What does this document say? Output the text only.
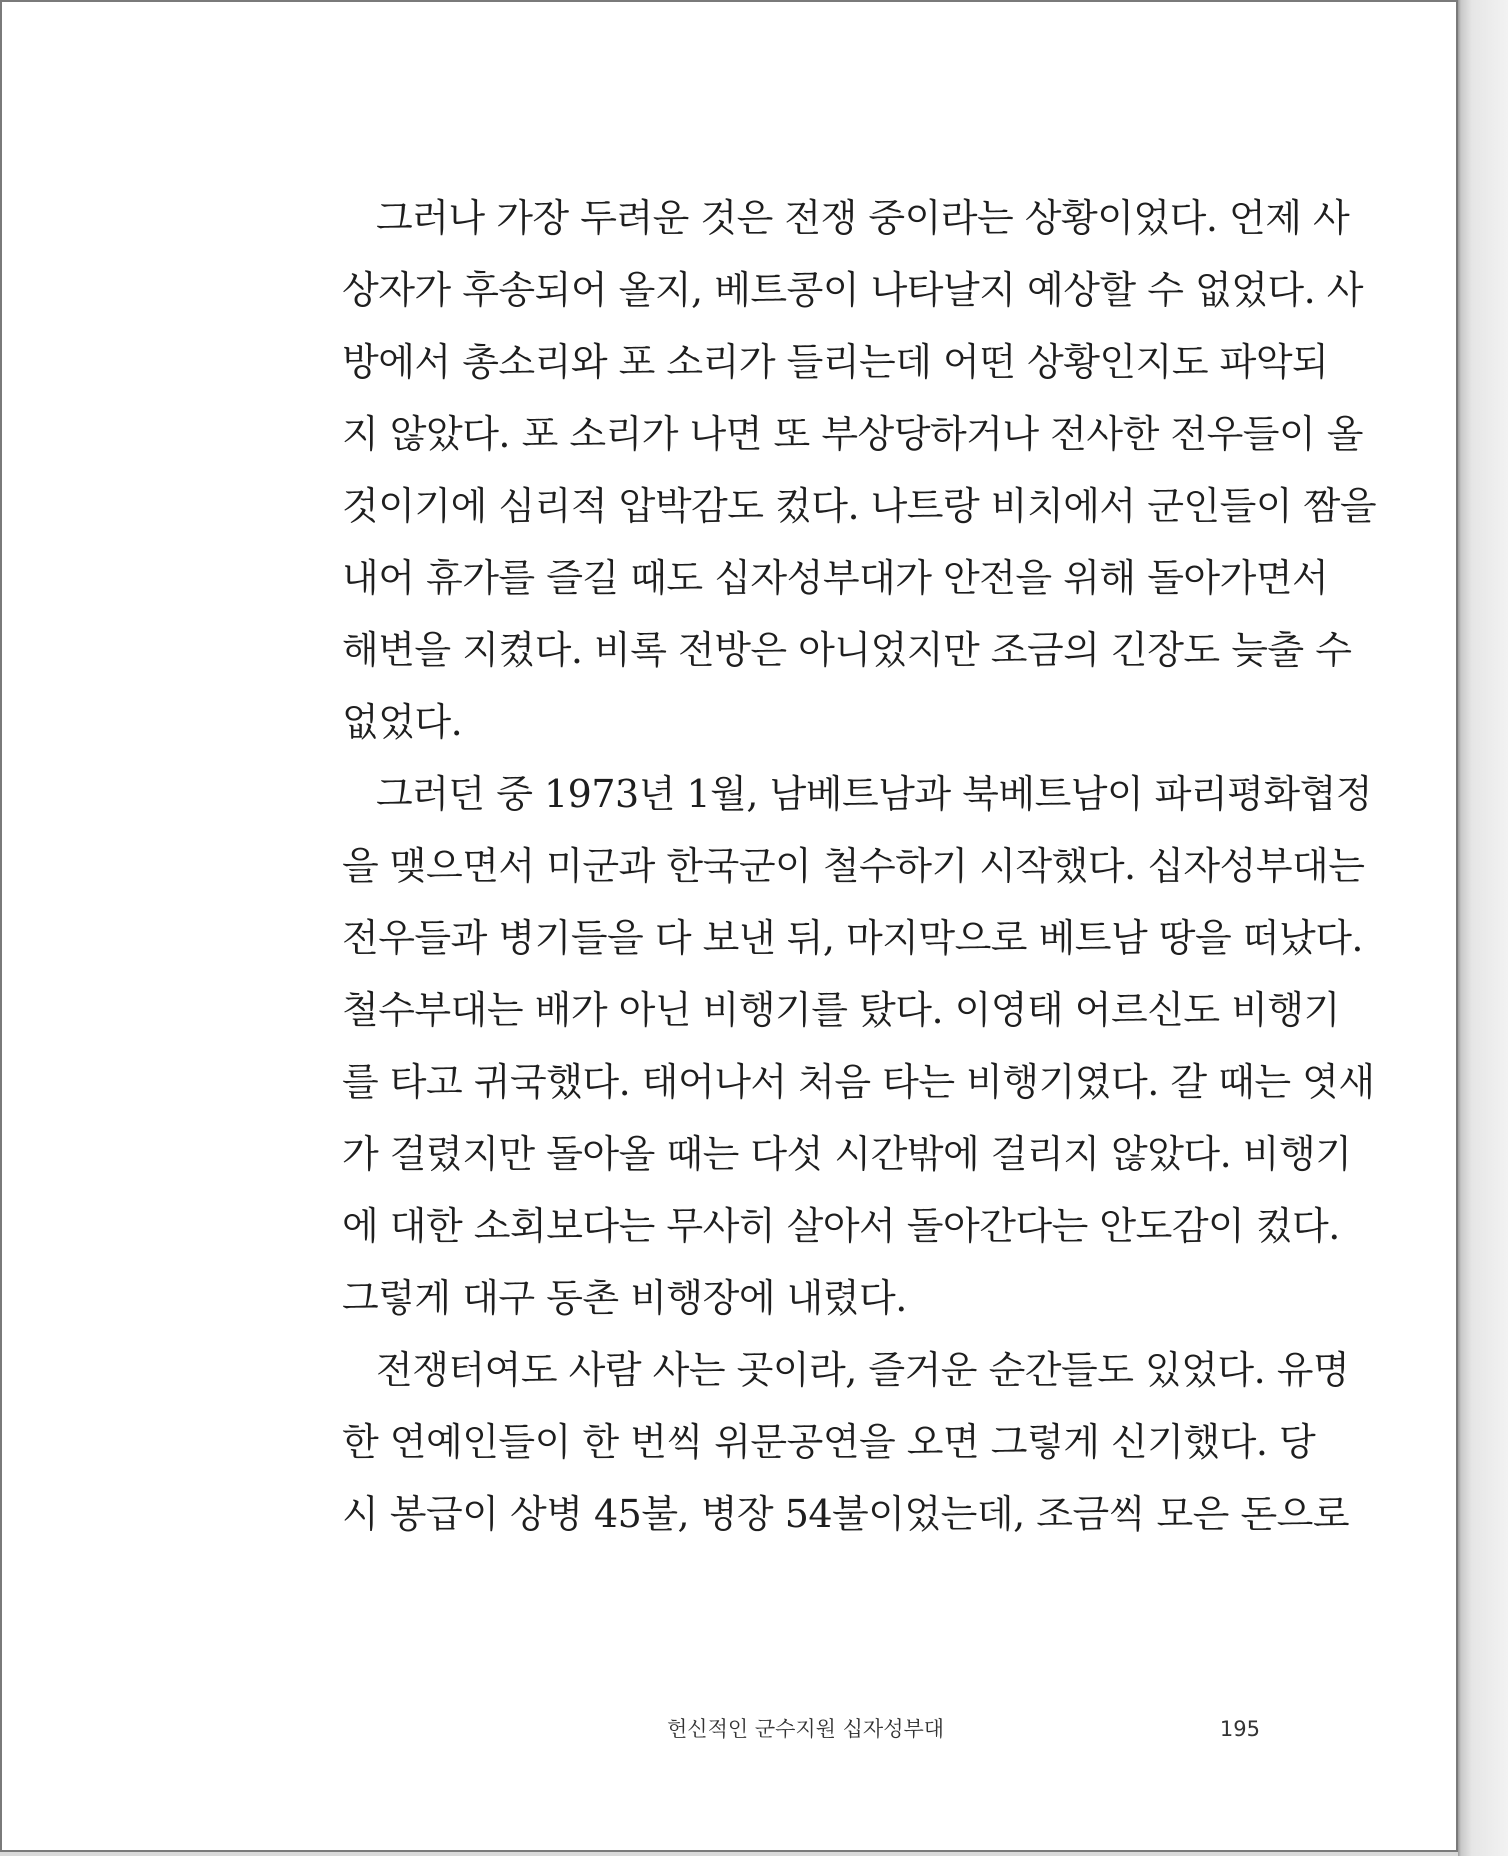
그러나 가장 두려운 것은 전쟁 중이라는 상황이었다. 언제 사
상자가 후송되어 올지, 베트콩이 나타날지 예상할 수 없었다. 사
방에서 총소리와 포 소리가 들리는데 어떤 상황인지도 파악되
지 않았다. 포 소리가 나면 또 부상당하거나 전사한 전우들이 올
것이기에 심리적 압박감도 컸다. 나트랑 비치에서 군인들이 짬을
내어 휴가를 즐길 때도 십자성부대가 안전을 위해 돌아가면서
해변을 지켰다. 비록 전방은 아니었지만 조금의 긴장도 늦출 수
없었다.
그러던 중 1973년 1월, 남베트남과 북베트남이 파리평화협정
을 맺으면서 미군과 한국군이 철수하기 시작했다. 십자성부대는
전우들과 병기들을 다 보낸 뒤, 마지막으로 베트남 땅을 떠났다.
철수부대는 배가 아닌 비행기를 탔다. 이영태 어르신도 비행기
를 타고 귀국했다. 태어나서 처음 타는 비행기였다. 갈 때는 엿새
가 걸렸지만 돌아올 때는 다섯 시간밖에 걸리지 않았다. 비행기
에 대한 소회보다는 무사히 살아서 돌아간다는 안도감이 컸다.
그렇게 대구 동촌 비행장에 내렸다.
전쟁터여도 사람 사는 곳이라, 즐거운 순간들도 있었다. 유명
한 연예인들이 한 번씩 위문공연을 오면 그렇게 신기했다. 당
시 봉급이 상병 45불, 병장 54불이었는데, 조금씩 모은 돈으로
헌신적인 군수지원 십자성부대	195
